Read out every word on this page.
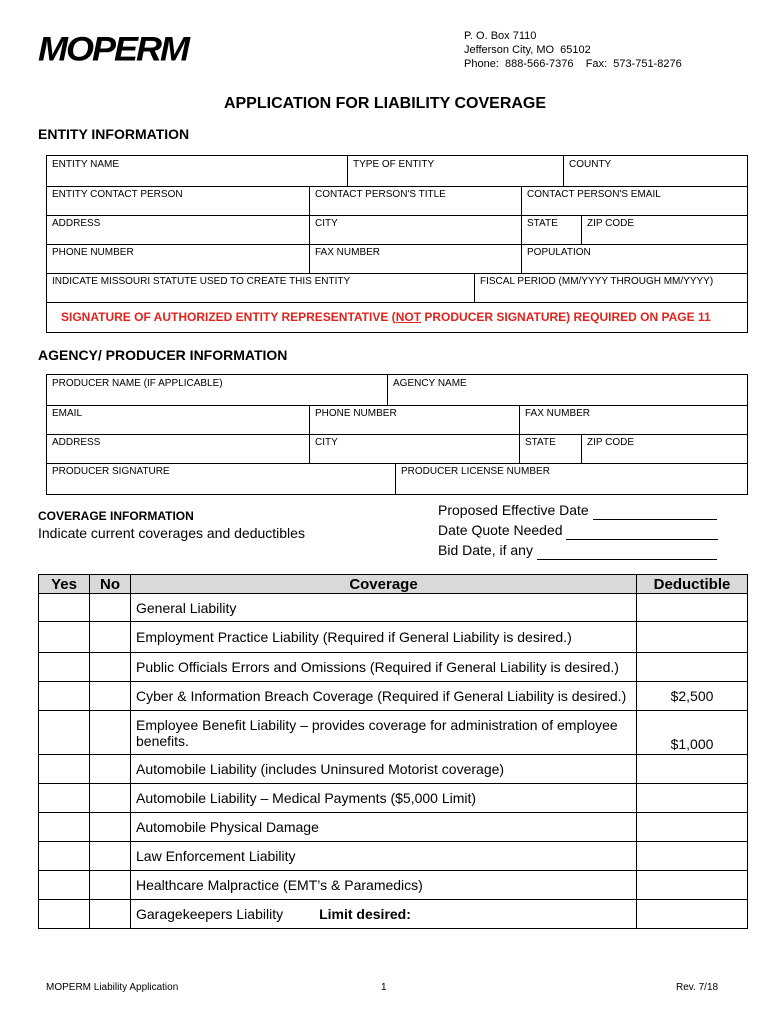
MOPERM	P. O. Box 7110
Jefferson City, MO  65102
Phone:  888-566-7376    Fax:  573-751-8276
APPLICATION FOR LIABILITY COVERAGE
ENTITY INFORMATION
ENTITY NAME	TYPE OF ENTITY	COUNTY
ENTITY CONTACT PERSON	CONTACT PERSON'S TITLE	CONTACT PERSON'S EMAIL
ADDRESS	CITY	STATE	ZIP CODE
PHONE NUMBER	FAX NUMBER	POPULATION
INDICATE MISSOURI STATUTE USED TO CREATE THIS ENTITY	FISCAL PERIOD (MM/YYYY THROUGH MM/YYYY)
SIGNATURE OF AUTHORIZED ENTITY REPRESENTATIVE (NOT PRODUCER SIGNATURE) REQUIRED ON PAGE 11
AGENCY/ PRODUCER INFORMATION
PRODUCER NAME (IF APPLICABLE)	AGENCY NAME
EMAIL	PHONE NUMBER	FAX NUMBER
ADDRESS	CITY	STATE	ZIP CODE
PRODUCER SIGNATURE	PRODUCER LICENSE NUMBER
COVERAGE INFORMATION
Indicate current coverages and deductibles
Proposed Effective Date
Date Quote Needed
Bid Date, if any
Yes	No	Coverage	Deductible
		General Liability	
		Employment Practice Liability (Required if General Liability is desired.)	
		Public Officials Errors and Omissions (Required if General Liability is desired.)	
		Cyber & Information Breach Coverage (Required if General Liability is desired.)	$2,500
		Employee Benefit Liability – provides coverage for administration of employee benefits.	$1,000
		Automobile Liability (includes Uninsured Motorist coverage)	
		Automobile Liability – Medical Payments ($5,000 Limit)	
		Automobile Physical Damage	
		Law Enforcement Liability	
		Healthcare Malpractice (EMT’s & Paramedics)	
		Garagekeepers Liability Limit desired:	
MOPERM Liability Application	1	Rev. 7/18
